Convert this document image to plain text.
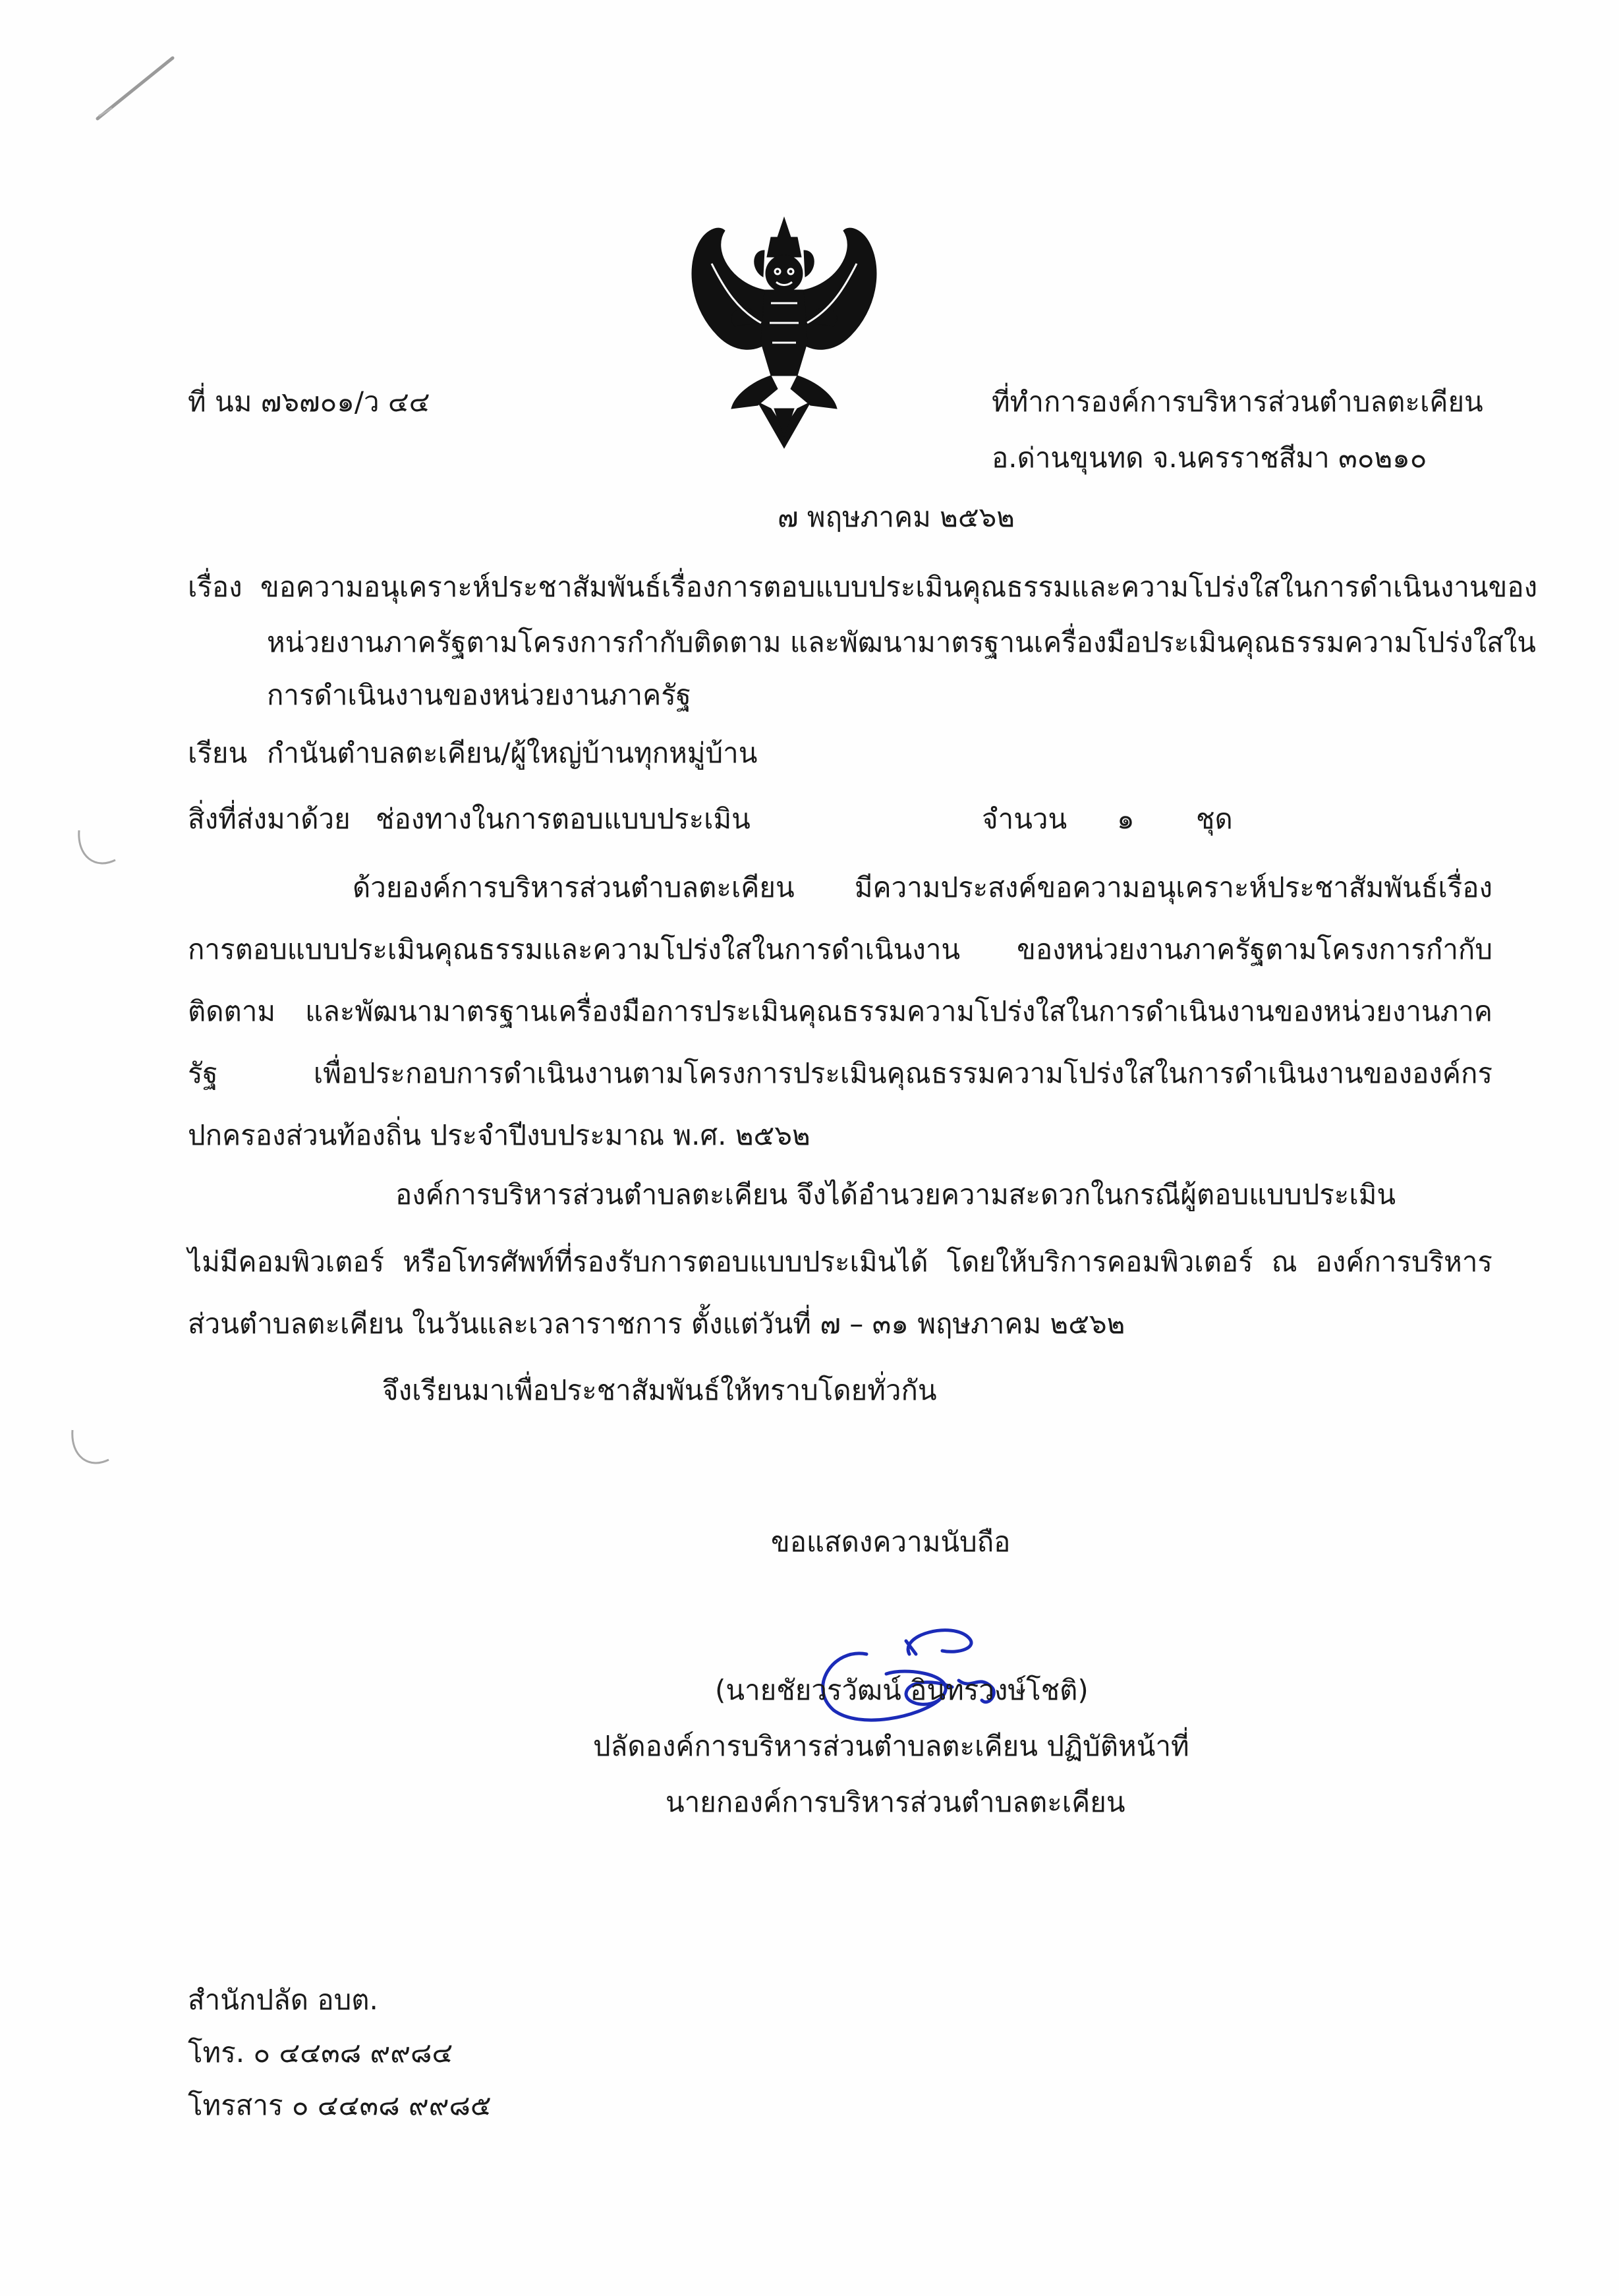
ที่ นม ๗๖๗๐๑/ว ๔๔	ที่ทำการองค์การบริหารส่วนตำบลตะเคียน
อ.ด่านขุนทด จ.นครราชสีมา ๓๐๒๑๐
๗ พฤษภาคม ๒๕๖๒
เรื่อง ขอความอนุเคราะห์ประชาสัมพันธ์เรื่องการตอบแบบประเมินคุณธรรมและความโปร่งใสในการดำเนินงานของ
หน่วยงานภาครัฐตามโครงการกำกับติดตาม และพัฒนามาตรฐานเครื่องมือประเมินคุณธรรมความโปร่งใสใน
การดำเนินงานของหน่วยงานภาครัฐ
เรียน กำนันตำบลตะเคียน/ผู้ใหญ่บ้านทุกหมู่บ้าน
สิ่งที่ส่งมาด้วย ช่องทางในการตอบแบบประเมิน	จำนวน ๑ ชุด
ด้วยองค์การบริหารส่วนตำบลตะเคียน มีความประสงค์ขอความอนุเคราะห์ประชาสัมพันธ์เรื่อง การตอบแบบประเมินคุณธรรมและความโปร่งใสในการดำเนินงาน ของหน่วยงานภาครัฐตามโครงการกำกับติดตาม และพัฒนามาตรฐานเครื่องมือการประเมินคุณธรรมความโปร่งใสในการดำเนินงานของหน่วยงานภาครัฐ เพื่อประกอบการดำเนินงานตามโครงการประเมินคุณธรรมความโปร่งใสในการดำเนินงานขององค์กรปกครองส่วนท้องถิ่น ประจำปีงบประมาณ พ.ศ. ๒๕๖๒
องค์การบริหารส่วนตำบลตะเคียน จึงได้อำนวยความสะดวกในกรณีผู้ตอบแบบประเมิน
ไม่มีคอมพิวเตอร์ หรือโทรศัพท์ที่รองรับการตอบแบบประเมินได้ โดยให้บริการคอมพิวเตอร์ ณ องค์การบริหารส่วนตำบลตะเคียน ในวันและเวลาราชการ ตั้งแต่วันที่ ๗ – ๓๑ พฤษภาคม ๒๕๖๒
จึงเรียนมาเพื่อประชาสัมพันธ์ให้ทราบโดยทั่วกัน
ขอแสดงความนับถือ
(นายชัยวรวัฒน์ อินทรวงษ์โชติ)
ปลัดองค์การบริหารส่วนตำบลตะเคียน ปฏิบัติหน้าที่
นายกองค์การบริหารส่วนตำบลตะเคียน
สำนักปลัด อบต.
โทร. ๐ ๔๔๓๘ ๙๙๘๔
โทรสาร ๐ ๔๔๓๘ ๙๙๘๕
